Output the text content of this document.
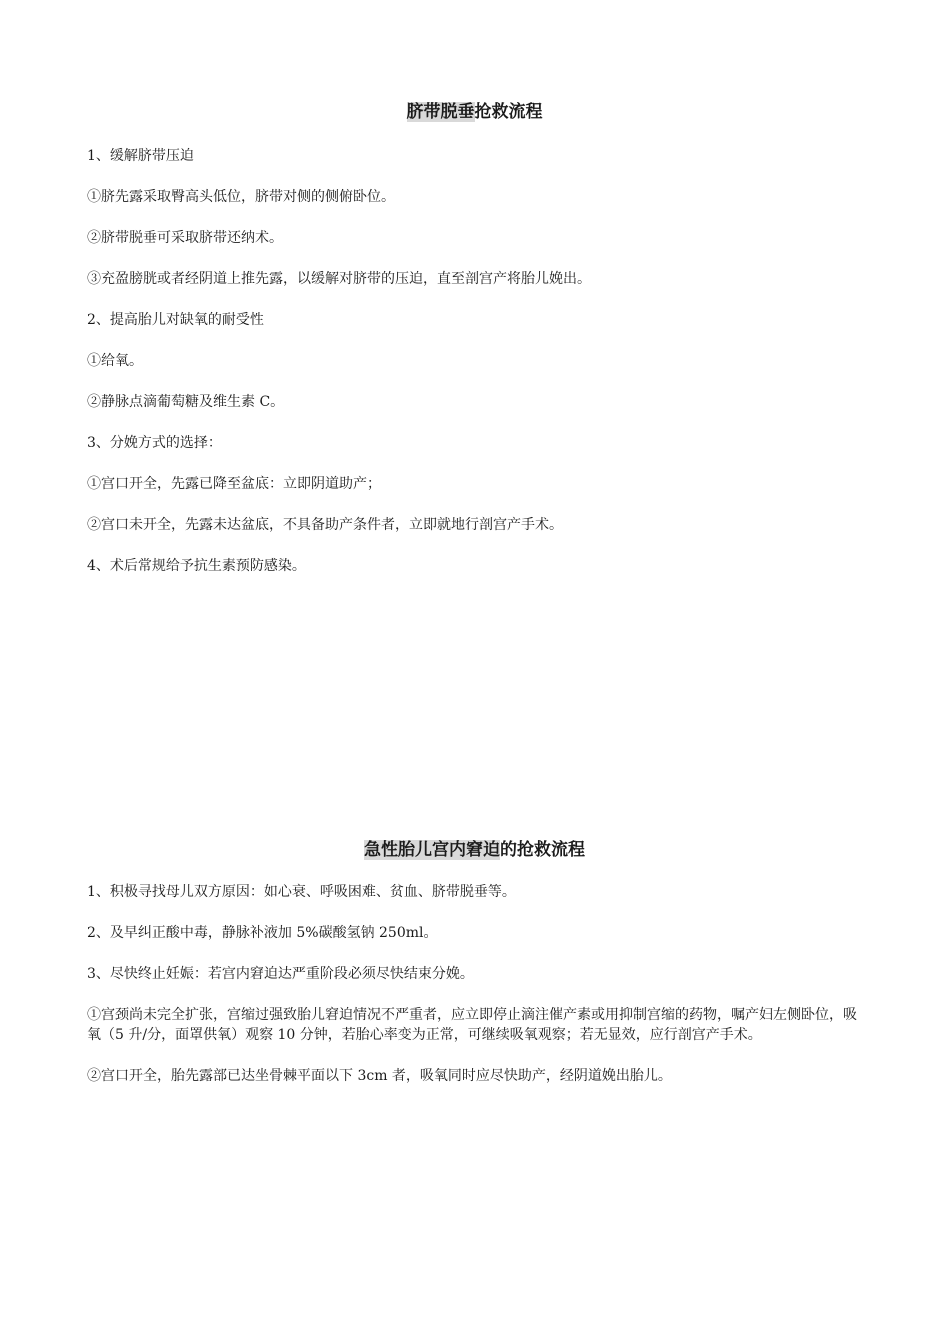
脐带脱垂抢救流程

1、缓解脐带压迫

①脐先露采取臀高头低位，脐带对侧的侧俯卧位。

②脐带脱垂可采取脐带还纳术。

③充盈膀胱或者经阴道上推先露，以缓解对脐带的压迫，直至剖宫产将胎儿娩出。

2、提高胎儿对缺氧的耐受性

①给氧。

②静脉点滴葡萄糖及维生素 C。

3、分娩方式的选择：

①宫口开全，先露已降至盆底：立即阴道助产；

②宫口未开全，先露未达盆底，不具备助产条件者，立即就地行剖宫产手术。

4、术后常规给予抗生素预防感染。

急性胎儿宫内窘迫的抢救流程

1、积极寻找母儿双方原因：如心衰、呼吸困难、贫血、脐带脱垂等。

2、及早纠正酸中毒，静脉补液加 5%碳酸氢钠 250ml。

3、尽快终止妊娠：若宫内窘迫达严重阶段必须尽快结束分娩。

①宫颈尚未完全扩张，宫缩过强致胎儿窘迫情况不严重者，应立即停止滴注催产素或用抑制宫缩的药物，嘱产妇左侧卧位，吸氧（5 升/分，面罩供氧）观察 10 分钟，若胎心率变为正常，可继续吸氧观察；若无显效，应行剖宫产手术。

②宫口开全，胎先露部已达坐骨棘平面以下 3cm 者，吸氧同时应尽快助产，经阴道娩出胎儿。
